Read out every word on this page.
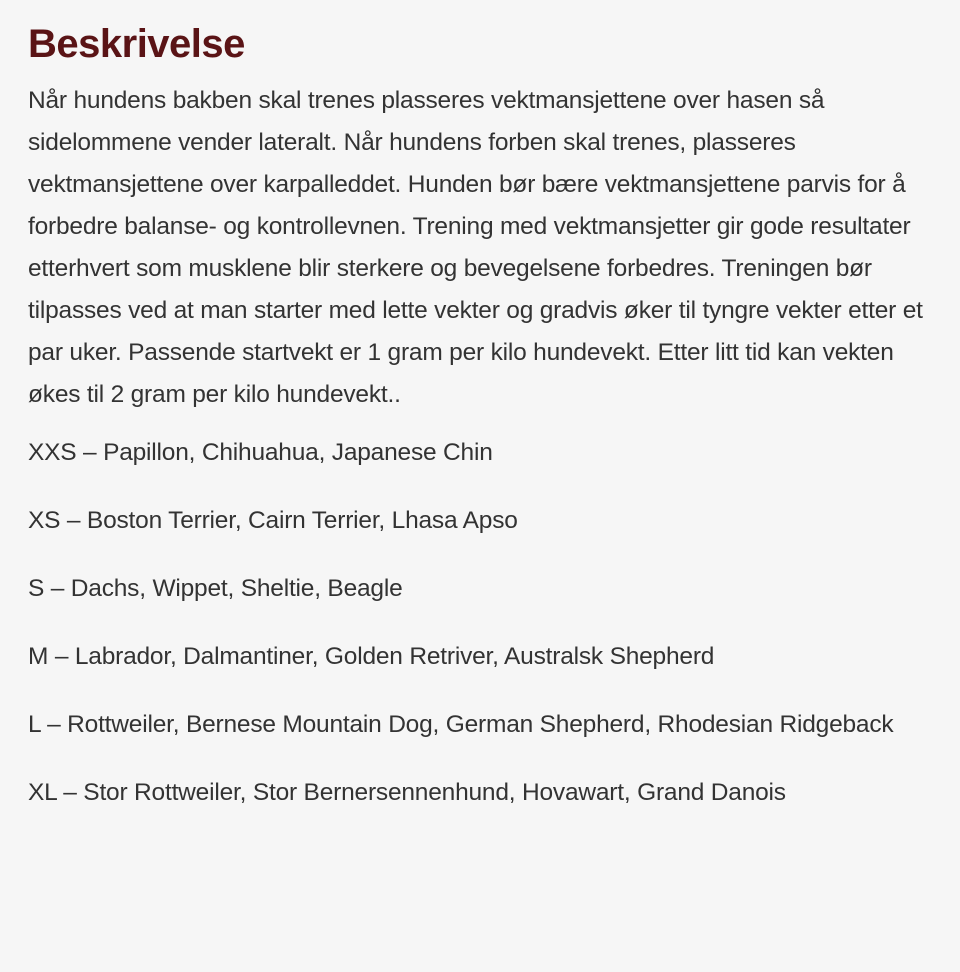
Beskrivelse

Når hundens bakben skal trenes plasseres vektmansjettene over hasen så sidelommene vender lateralt. Når hundens forben skal trenes, plasseres vektmansjettene over karpalleddet. Hunden bør bære vektmansjettene parvis for å forbedre balanse- og kontrollevnen. Trening med vektmansjetter gir gode resultater etterhvert som musklene blir sterkere og bevegelsene forbedres. Treningen bør tilpasses ved at man starter med lette vekter og gradvis øker til tyngre vekter etter et par uker. Passende startvekt er 1 gram per kilo hundevekt. Etter litt tid kan vekten økes til 2 gram per kilo hundevekt..

XXS – Papillon, Chihuahua, Japanese Chin

XS – Boston Terrier, Cairn Terrier, Lhasa Apso

S – Dachs, Wippet, Sheltie, Beagle

M – Labrador, Dalmantiner, Golden Retriver, Australsk Shepherd

L – Rottweiler, Bernese Mountain Dog, German Shepherd, Rhodesian Ridgeback

XL – Stor Rottweiler, Stor Bernersennenhund, Hovawart, Grand Danois
